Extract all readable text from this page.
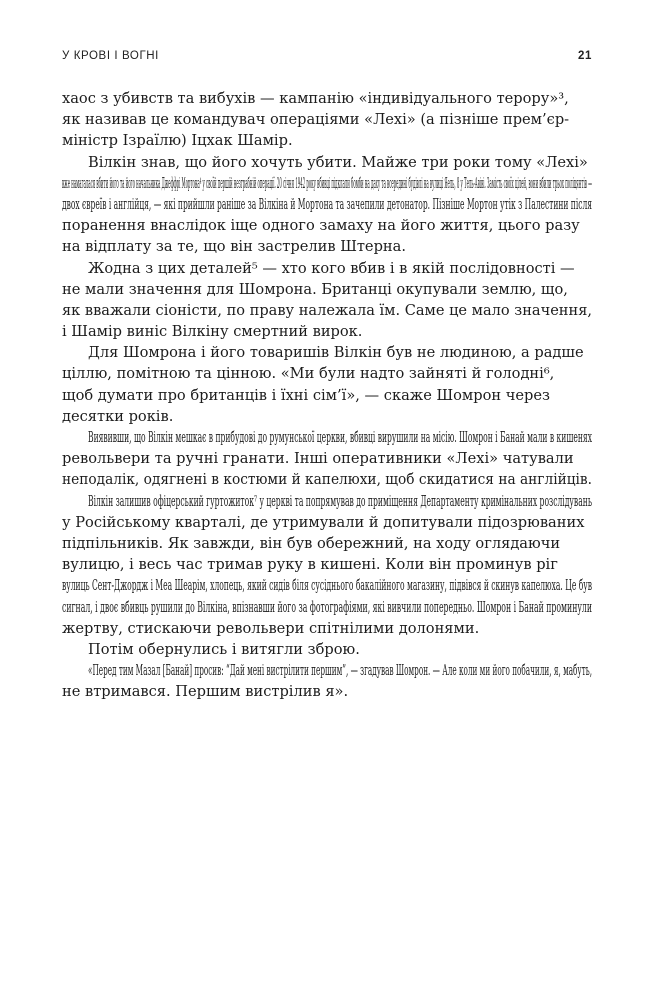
У КРОВІ І ВОГНІ	21
хаос з убивств та вибухів — кампанію «індивідуального терору»³,
як називав це командувач операціями «Лехі» (а пізніше прем’єр-
міністр Ізраїлю) Іцхак Шамір.
Вілкін знав, що його хочуть убити. Майже три роки тому «Лехі»
вже намагалася вбити його та його начальника Джеффрі Мортона⁴ у своїй першій незграбній операції. 20 січня 1942 року вбивці підклали бомби на даху та всередині будівлі на вулиці Яель, 8 у Тель-Авіві. Замість своїх цілей, вони вбили трьох поліцянтів —
двох євреїв і англійця, — які прийшли раніше за Вілкіна й Мортона та зачепили детонатор. Пізніше Мортон утік з Палестини після
поранення внаслідок іще одного замаху на його життя, цього разу
на відплату за те, що він застрелив Штерна.
Жодна з цих деталей⁵ — хто кого вбив і в якій послідовності —
не мали значення для Шомрона. Британці окупували землю, що,
як вважали сіоністи, по праву належала їм. Саме це мало значення,
і Шамір виніс Вілкіну смертний вирок.
Для Шомрона і його товаришів Вілкін був не людиною, а радше
ціллю, помітною та цінною. «Ми були надто зайняті й голодні⁶,
щоб думати про британців і їхні сім’ї», — скаже Шомрон через
десятки років.
Виявивши, що Вілкін мешкає в прибудові до румунської церкви, вбивці вирушили на місію. Шомрон і Банай мали в кишенях
револьвери та ручні гранати. Інші оперативники «Лехі» чатували
неподалік, одягнені в костюми й капелюхи, щоб скидатися на англійців.
Вілкін залишив офіцерський гуртожиток⁷ у церкві та попрямував до приміщення Департаменту кримінальних розслідувань
у Російському кварталі, де утримували й допитували підозрюваних
підпільників. Як завжди, він був обережний, на ходу оглядаючи
вулицю, і весь час тримав руку в кишені. Коли він проминув ріг
вулиць Сент-Джордж і Меа Шеарім, хлопець, який сидів біля сусіднього бакалійного магазину, підвівся й скинув капелюха. Це був
сигнал, і двоє вбивць рушили до Вілкіна, впізнавши його за фотографіями, які вивчили попередньо. Шомрон і Банай проминули
жертву, стискаючи револьвери спітнілими долонями.
Потім обернулись і витягли зброю.
«Перед тим Мазал [Банай] просив: “Дай мені вистрілити першим”, — згадував Шомрон. — Але коли ми його побачили, я, мабуть,
не втримався. Першим вистрілив я».
